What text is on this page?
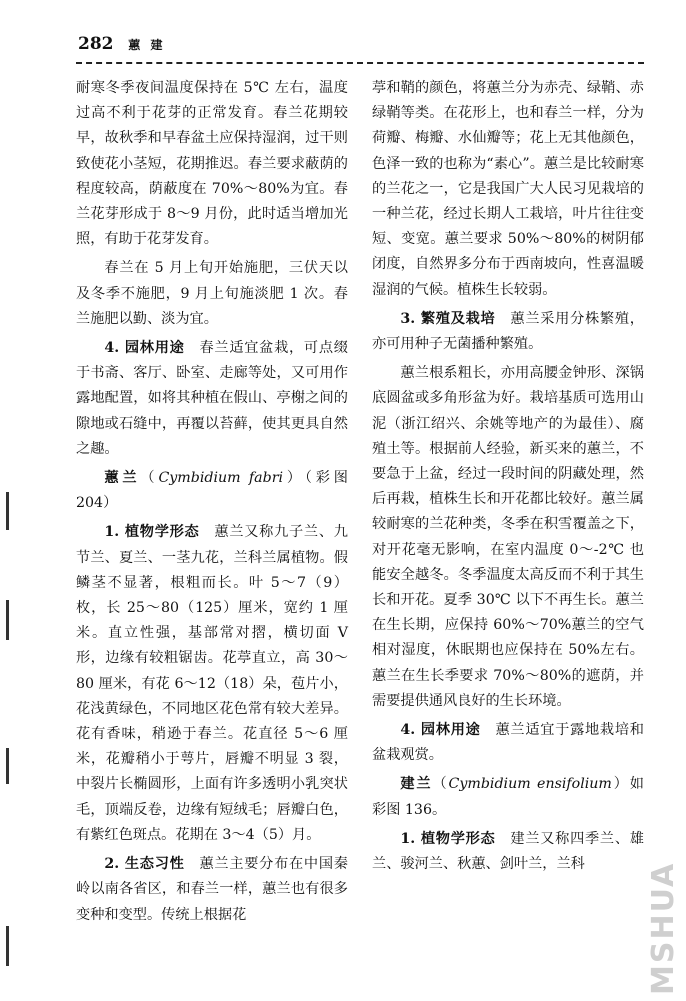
282 蕙 建

耐寒冬季夜间温度保持在 5℃ 左右，温度过高不利于花芽的正常发育。春兰花期较早，故秋季和早春盆土应保持湿润，过干则致使花小茎短，花期推迟。春兰要求蔽荫的程度较高，荫蔽度在 70%～80%为宜。春兰花芽形成于 8～9 月份，此时适当增加光照，有助于花芽发育。

春兰在 5 月上旬开始施肥，三伏天以及冬季不施肥，9 月上旬施淡肥 1 次。春兰施肥以勤、淡为宜。

4. 园林用途　 春兰适宜盆栽，可点缀于书斋、客厅、卧室、走廊等处，又可用作露地配置，如将其种植在假山、亭榭之间的隙地或石缝中，再覆以苔藓，使其更具自然之趣。

蕙兰（Cymbidium fabri）（彩图 204）

1. 植物学形态　 蕙兰又称九子兰、九节兰、夏兰、一茎九花，兰科兰属植物。假鳞茎不显著，根粗而长。叶 5～7（9）枚，长 25～80（125）厘米，宽约 1 厘米。直立性强，基部常对摺，横切面 V 形，边缘有较粗锯齿。花葶直立，高 30～80 厘米，有花 6～12（18）朵，苞片小，花浅黄绿色，不同地区花色常有较大差异。花有香味，稍逊于春兰。花直径 5～6 厘米，花瓣稍小于萼片，唇瓣不明显 3 裂，中裂片长椭圆形，上面有许多透明小乳突状毛，顶端反卷，边缘有短绒毛；唇瓣白色，有紫红色斑点。花期在 3～4（5）月。

2. 生态习性　 蕙兰主要分布在中国秦岭以南各省区，和春兰一样，蕙兰也有很多变种和变型。传统上根据花

葶和鞘的颜色，将蕙兰分为赤壳、绿鞘、赤绿鞘等类。在花形上，也和春兰一样，分为荷瓣、梅瓣、水仙瓣等；花上无其他颜色，色泽一致的也称为“素心”。蕙兰是比较耐寒的兰花之一，它是我国广大人民习见栽培的一种兰花，经过长期人工栽培，叶片往往变短、变宽。蕙兰要求 50%～80%的树阴郁闭度，自然界多分布于西南坡向，性喜温暖湿润的气候。植株生长较弱。

3. 繁殖及栽培　 蕙兰采用分株繁殖，亦可用种子无菌播种繁殖。

蕙兰根系粗长，亦用高腰金钟形、深锅底圆盆或多角形盆为好。栽培基质可选用山泥（浙江绍兴、余姚等地产的为最佳）、腐殖土等。根据前人经验，新买来的蕙兰，不要急于上盆，经过一段时间的阴藏处理，然后再栽，植株生长和开花都比较好。蕙兰属较耐寒的兰花种类，冬季在积雪覆盖之下，对开花毫无影响，在室内温度 0～-2℃ 也能安全越冬。冬季温度太高反而不利于其生长和开花。夏季 30℃ 以下不再生长。蕙兰在生长期，应保持 60%～70%蕙兰的空气相对湿度，休眠期也应保持在 50%左右。蕙兰在生长季要求 70%～80%的遮荫，并需要提供通风良好的生长环境。

4. 园林用途　 蕙兰适宜于露地栽培和盆栽观赏。

建兰（Cymbidium ensifolium）如彩图 136。

1. 植物学形态　 建兰又称四季兰、雄兰、骏河兰、秋蕙、剑叶兰，兰科	MSHUA
